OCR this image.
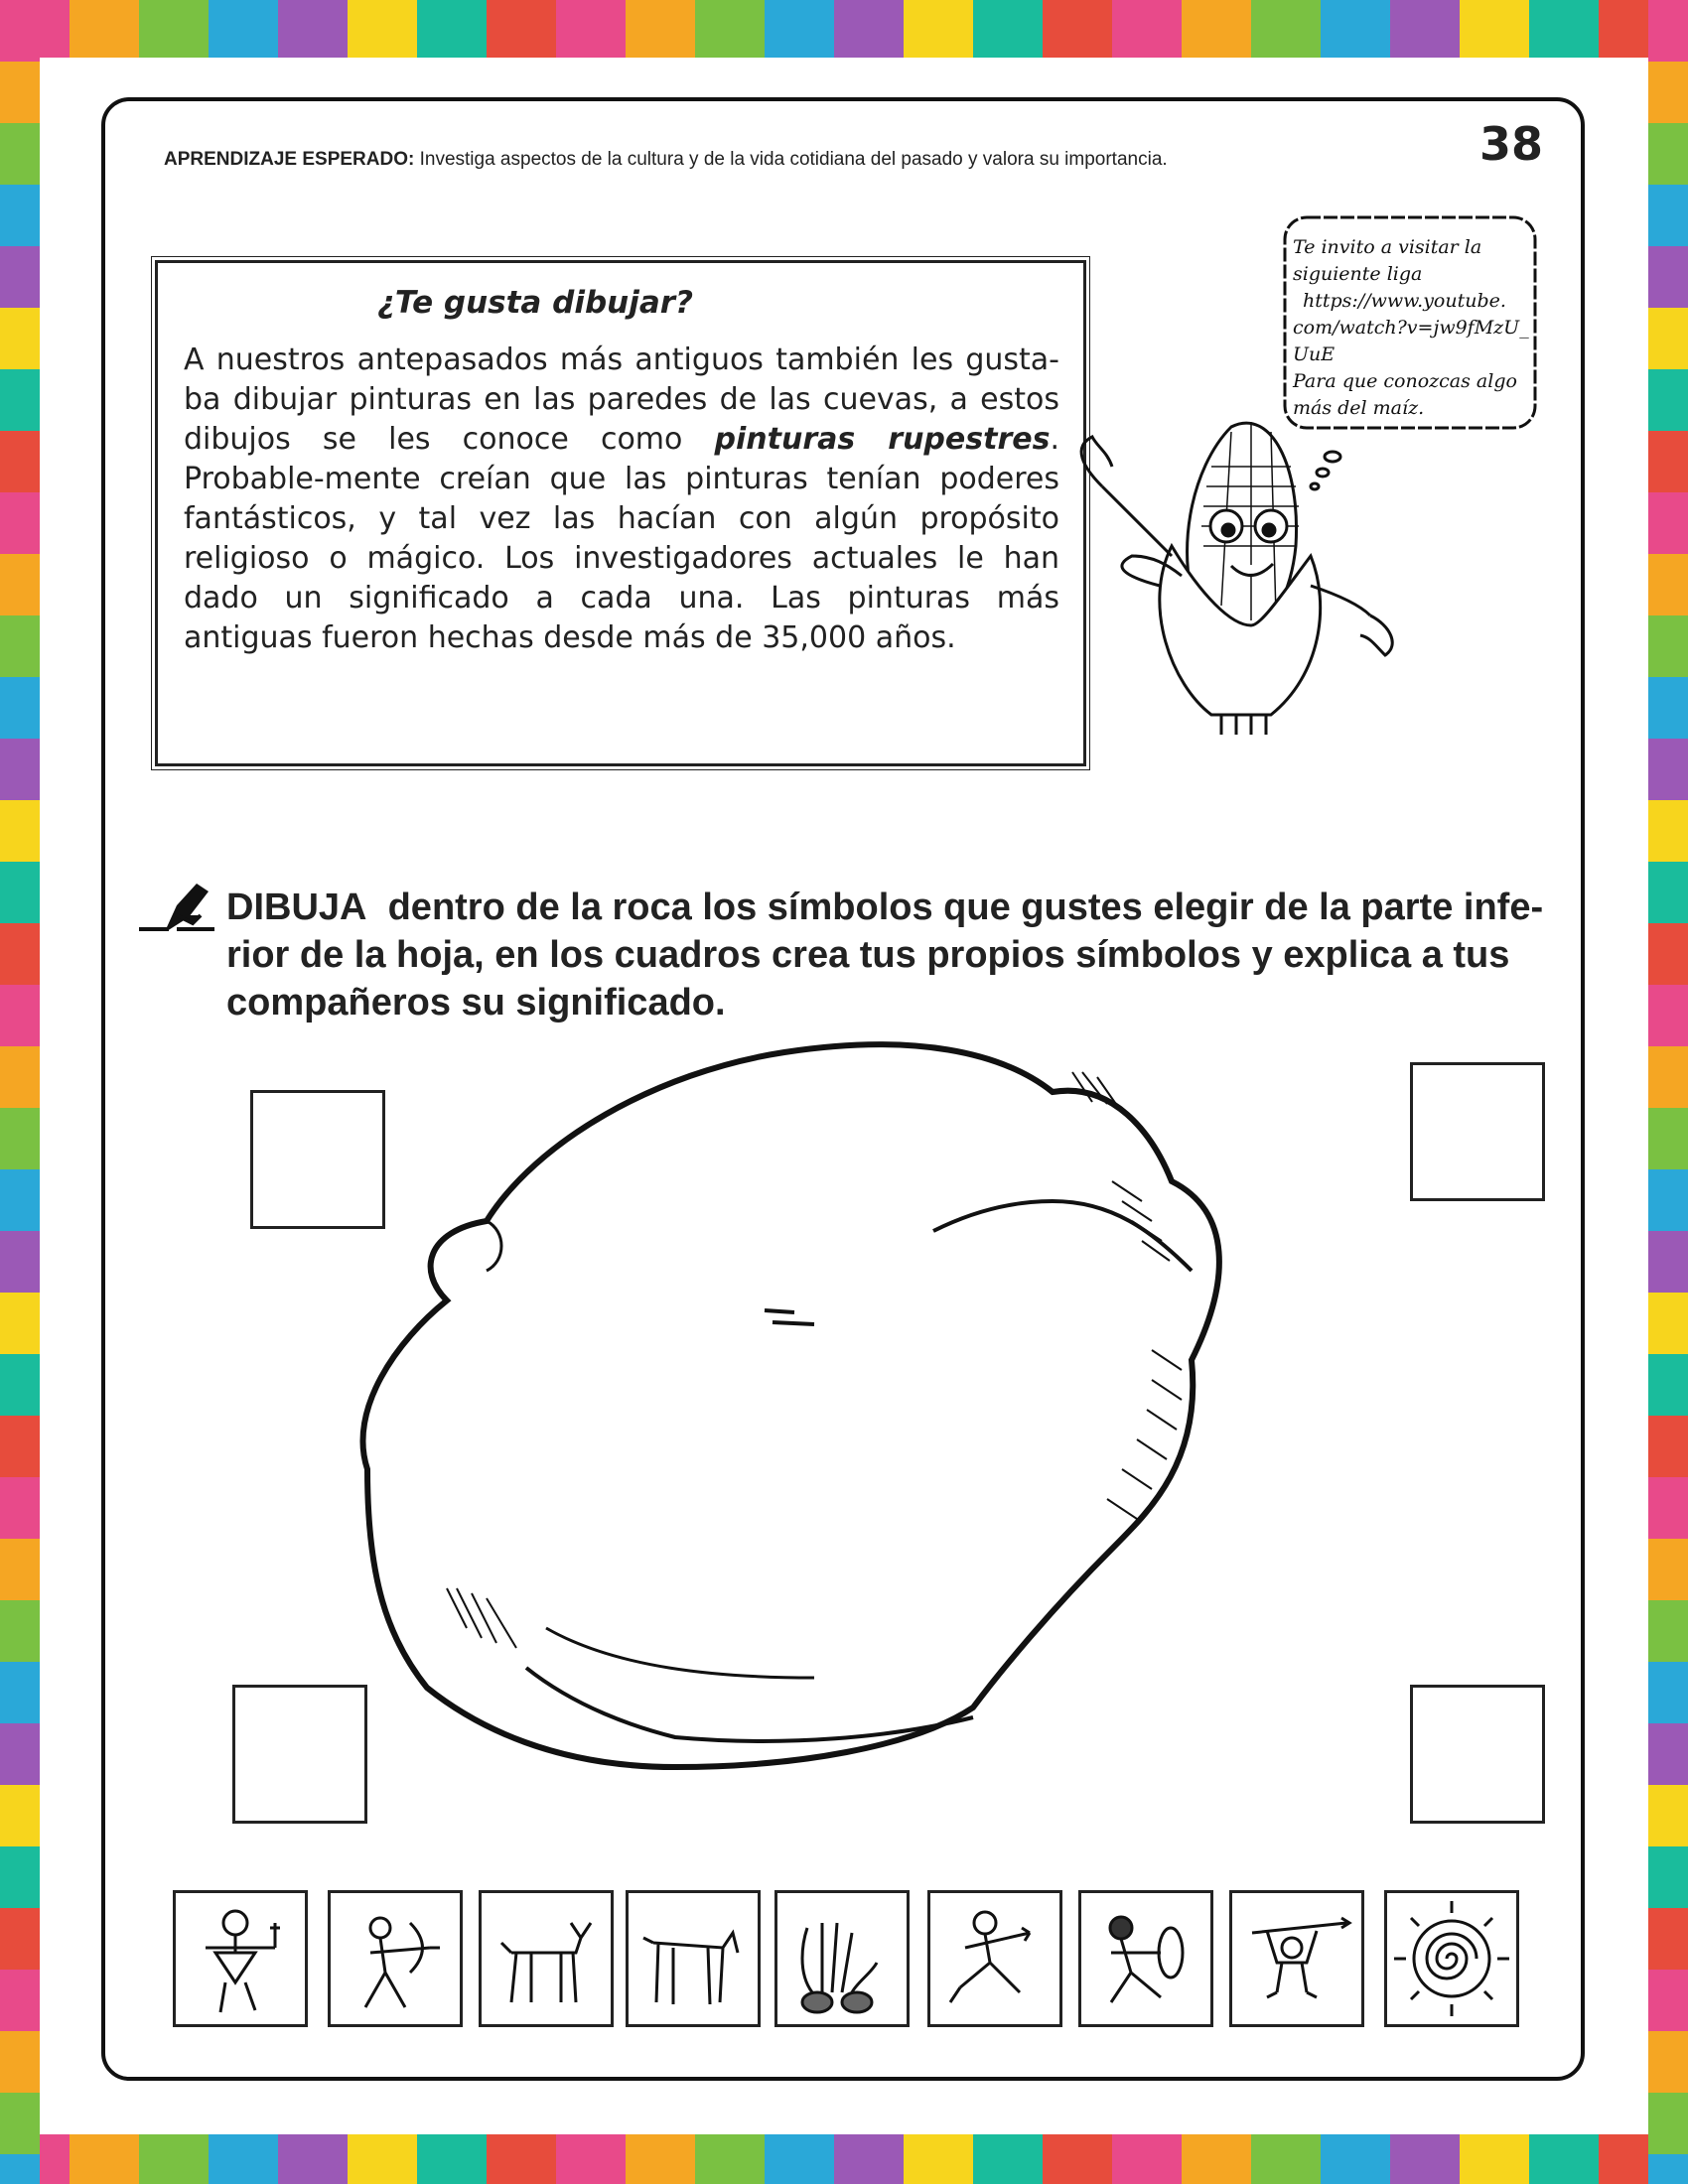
APRENDIZAJE ESPERADO: Investiga aspectos de la cultura y de la vida cotidiana del pasado y valora su importancia.	38
¿Te gusta dibujar?
A nuestros antepasados más antiguos también les gusta-ba dibujar pinturas en las paredes de las cuevas, a estos dibujos se les conoce como pinturas rupestres. Probable-mente creían que las pinturas tenían poderes fantásticos, y tal vez las hacían con algún propósito religioso o mágico. Los investigadores actuales le han dado un significado a cada una. Las pinturas más antiguas fueron hechas desde más de 35,000 años.
Te invito a visitar la
siguiente liga
https://www.youtube.
com/watch?v=jw9fMzU_
UuE
Para que conozcas algo
más del maíz.
DIBUJA dentro de la roca los símbolos que gustes elegir de la parte infe-rior de la hoja, en los cuadros crea tus propios símbolos y explica a tus compañeros su significado.
